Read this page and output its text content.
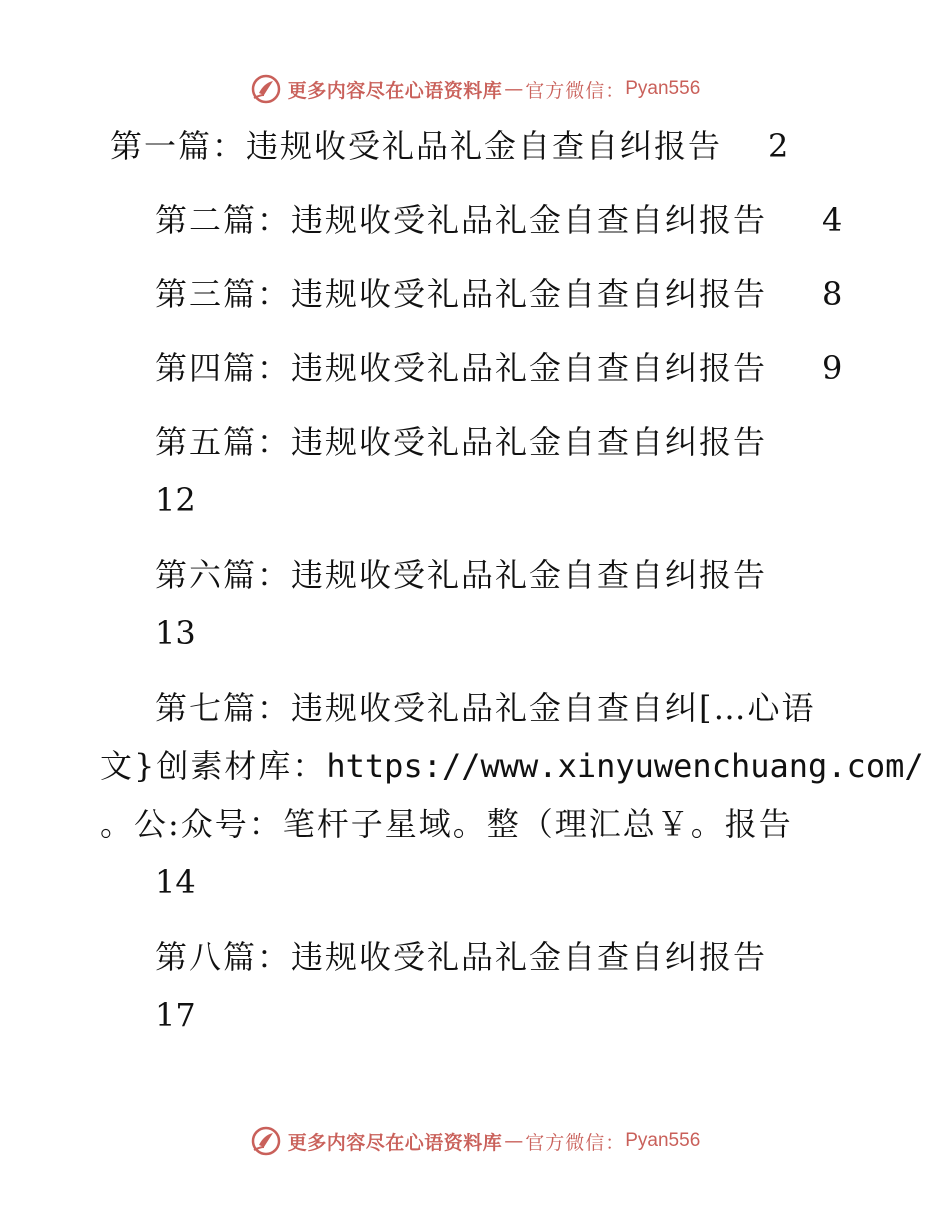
更多内容尽在心语资料库 — 官方微信： Pyan556
第一篇：违规收受礼品礼金自查自纠报告 2
第二篇：违规收受礼品礼金自查自纠报告 4
第三篇：违规收受礼品礼金自查自纠报告 8
第四篇：违规收受礼品礼金自查自纠报告 9
第五篇：违规收受礼品礼金自查自纠报告
12
第六篇：违规收受礼品礼金自查自纠报告
13
第七篇：违规收受礼品礼金自查自纠[…心语
文}创素材库：https://www.xinyuwenchuang.com/
。公:众号：笔杆子星域。整（理汇总￥。报告
14
第八篇：违规收受礼品礼金自查自纠报告
17
更多内容尽在心语资料库 — 官方微信： Pyan556
